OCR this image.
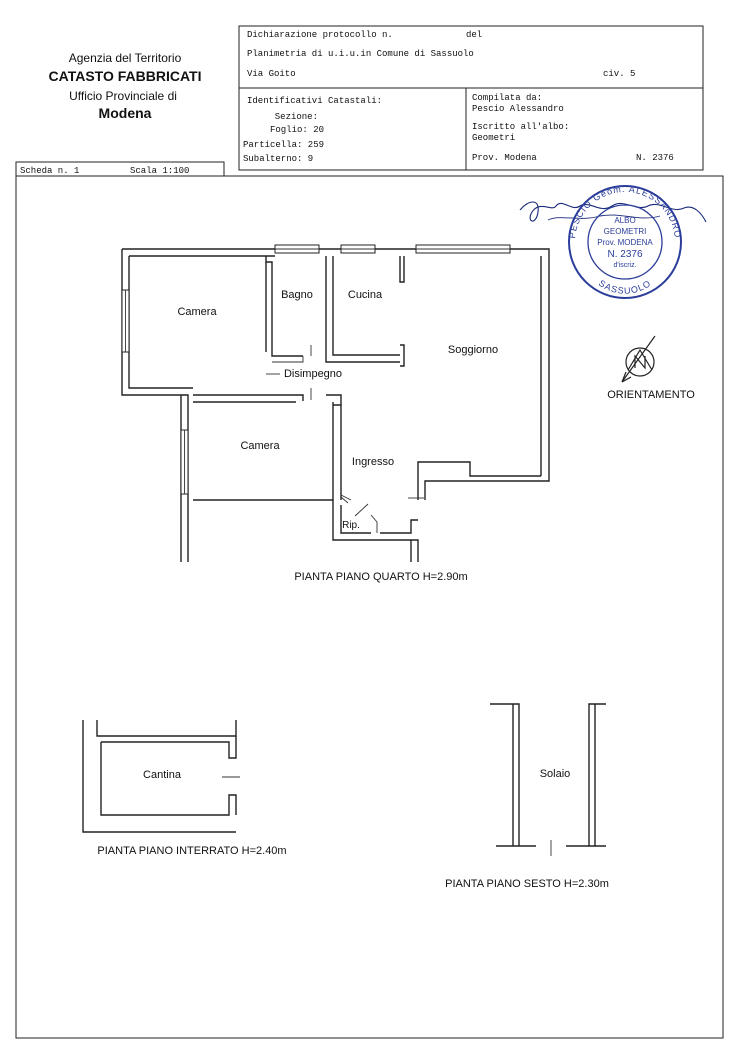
Agenzia del Territorio
CATASTO FABBRICATI
Ufficio Provinciale di
Modena
Dichiarazione protocollo n.	del
Planimetria di u.i.u.in Comune di Sassuolo
Via Goito	civ. 5
Identificativi Catastali:
Sezione:
Foglio: 20
Particella: 259
Subalterno: 9
Compilata da:
Pescio Alessandro
Iscritto all'albo:
Geometri
Prov. Modena	N. 2376
Scheda n. 1	Scala 1:100
PESCIO Geom. ALESSANDRO
SASSUOLO
ALBO
GEOMETRI
Prov. MODENA
N. 2376
d'iscriz.
ORIENTAMENTO
Camera
Bagno	Cucina
Soggiorno
Disimpegno
Camera
Ingresso
Rip.
PIANTA PIANO QUARTO H=2.90m
Cantina
PIANTA PIANO INTERRATO H=2.40m
Solaio
PIANTA PIANO SESTO H=2.30m
